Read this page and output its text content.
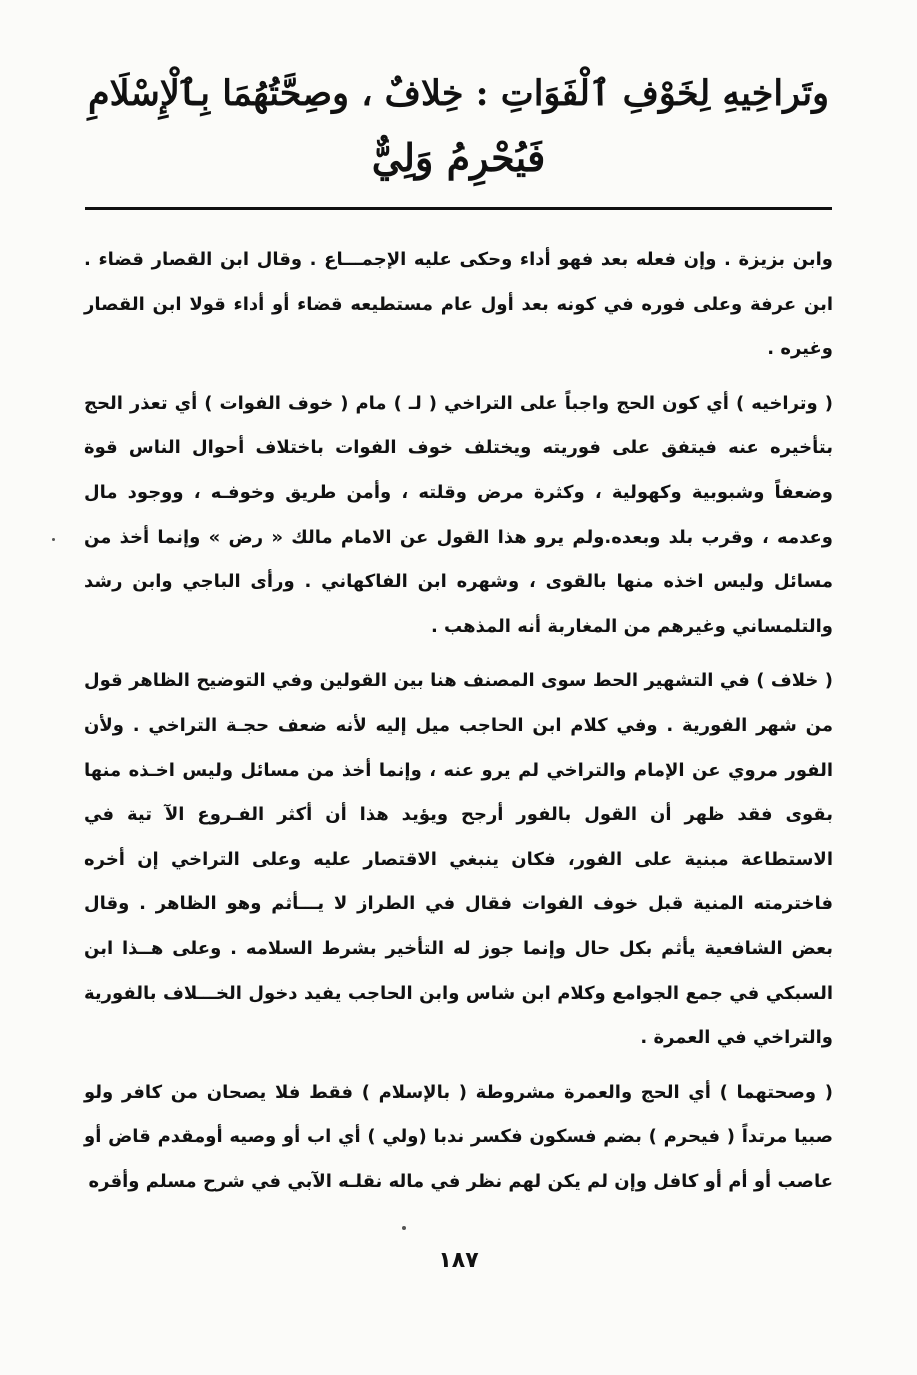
وتَراخِيهِ لِخَوْفِ ٱلْفَوَاتِ : خِلافٌ ، وصِحَّتُهُمَا بِٱلْإِسْلَامِ
فَيُحْرِمُ وَلِيٌّ

وابن بزيزة . وإن فعله بعد فهو أداء وحكى عليه الإجمـــاع . وقال ابن القصار قضاء . ابن عرفة وعلى فوره في كونه بعد أول عام مستطيعه قضاء أو أداء قولا ابن القصار وغيره .

( وتراخيه ) أي كون الحج واجباً على التراخي ( لـ ) مام ( خوف الفوات ) أي تعذر الحج بتأخيره عنه فيتفق على فوريته ويختلف خوف الفوات باختلاف أحوال الناس قوة وضعفاً وشبوبية وكهولية ، وكثرة مرض وقلته ، وأمن طريق وخوفـه ، ووجود مال وعدمه ، وقرب بلد وبعده.ولم يرو هذا القول عن الامام مالك « رض » وإنما أخذ من مسائل وليس اخذه منها بالقوى ، وشهره ابن الفاكهاني . ورأى الباجي وابن رشد والتلمساني وغيرهم من المغاربة أنه المذهب .

( خلاف ) في التشهير الحط سوى المصنف هنا بين القولين وفي التوضيح الظاهر قول من شهر الفورية . وفي كلام ابن الحاجب ميل إليه لأنه ضعف حجـة التراخي . ولأن الفور مروي عن الإمام والتراخي لم يرو عنه ، وإنما أخذ من مسائل وليس اخـذه منها بقوى فقد ظهر أن القول بالفور أرجح ويؤيد هذا أن أكثر الفـروع الآ تية في الاستطاعة مبنية على الفور، فكان ينبغي الاقتصار عليه وعلى التراخي إن أخره فاخترمته المنية قبل خوف الفوات فقال في الطراز لا يـــأثم وهو الظاهر . وقال بعض الشافعية يأثم بكل حال وإنما جوز له التأخير بشرط السلامه . وعلى هــذا ابن السبكي في جمع الجوامع وكلام ابن شاس وابن الحاجب يفيد دخول الخـــلاف بالفورية والتراخي في العمرة .

( وصحتهما ) أي الحج والعمرة مشروطة ( بالإسلام ) فقط فلا يصحان من كافر ولو صبيا مرتداً ( فيحرم ) بضم فسكون فكسر ندبا (ولي ) أي اب أو وصيه أومقدم قاض أو عاصب أو أم أو كافل وإن لم يكن لهم نظر في ماله نقلـه الآبي في شرح مسلم وأقره

١٨٧
